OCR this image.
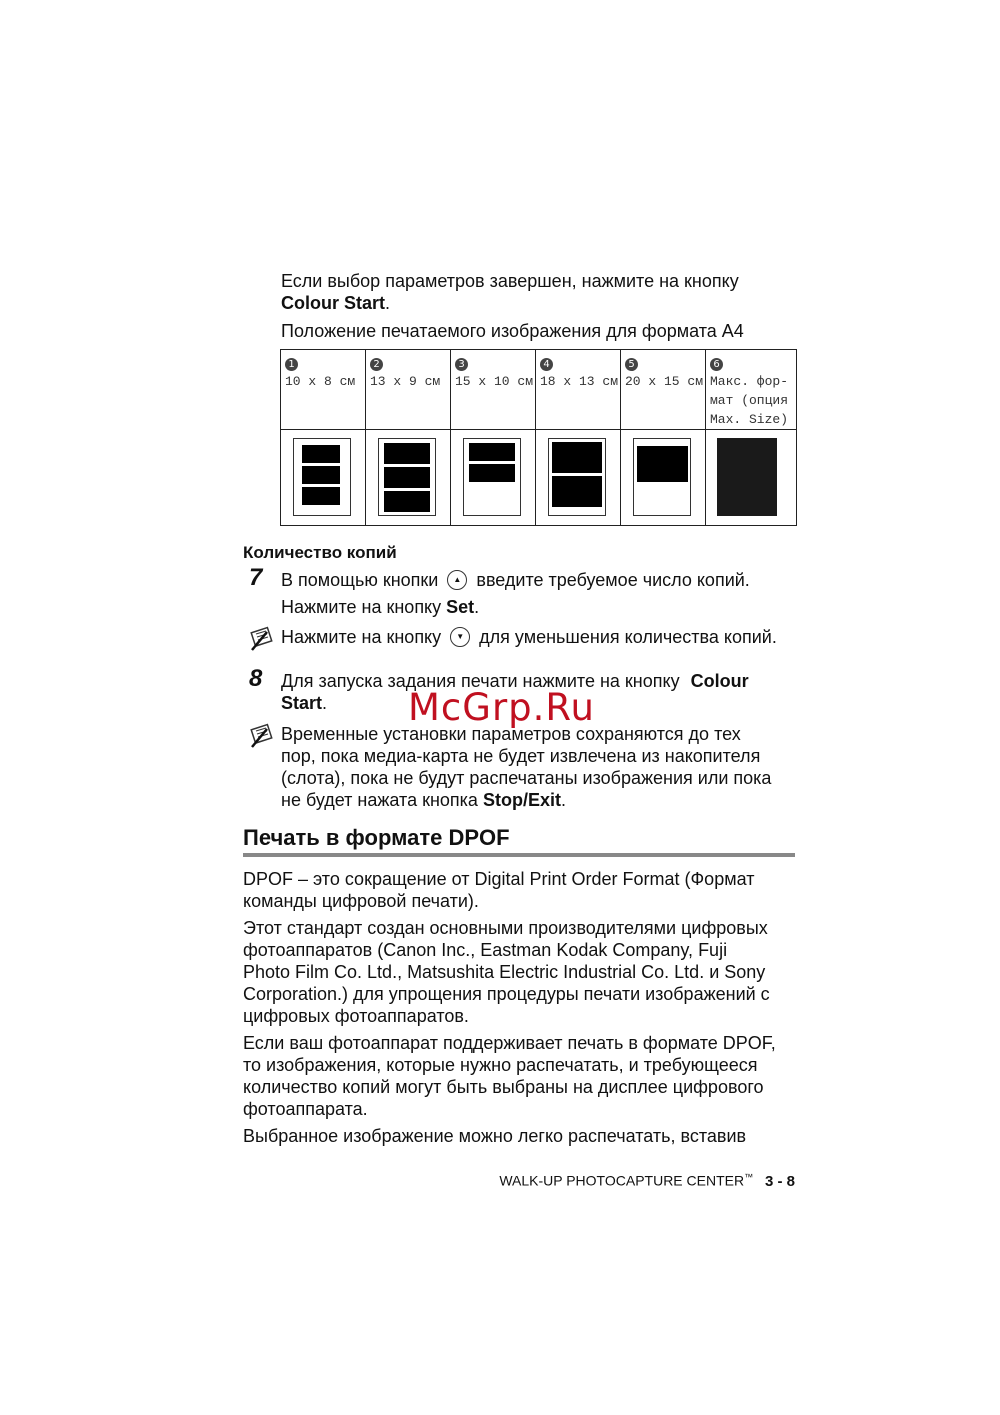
Если выбор параметров завершен, нажмите на кнопку
Colour Start.
Положение печатаемого изображения для формата А4
1
10 x 8 см
2
13 x 9 см
3
15 x 10 см
4
18 x 13 см
5
20 x 15 см
6
Макс. фор-
мат (опция
Max. Size)
Количество копий
7 В помощью кнопки	▲ введите требуемое число копий.
Нажмите на кнопку Set.
Нажмите на кнопку	▼ для уменьшения количества копий.
8 Для запуска задания печати нажмите на кнопку Colour
Start. McGrp.Ru
Временные установки параметров сохраняются до тех
пор, пока медиа-карта не будет извлечена из накопителя
(слота), пока не будут распечатаны изображения или пока
не будет нажата кнопка Stop/Exit.
Печать в формате DPOF
DPOF – это сокращение от Digital Print Order Format (Формат
команды цифровой печати).
Этот стандарт создан основными производителями цифровых
фотоаппаратов (Canon Inc., Eastman Kodak Company, Fuji
Photo Film Co. Ltd., Matsushita Electric Industrial Co. Ltd. и Sony
Corporation.) для упрощения процедуры печати изображений с
цифровых фотоаппаратов.
Если ваш фотоаппарат поддерживает печать в формате DPOF,
то изображения, которые нужно распечатать, и требующееся
количество копий могут быть выбраны на дисплее цифрового
фотоаппарата.
Выбранное изображение можно легко распечатать, вставив
WALK-UP PHOTOCAPTURE CENTER™ 3 - 8
